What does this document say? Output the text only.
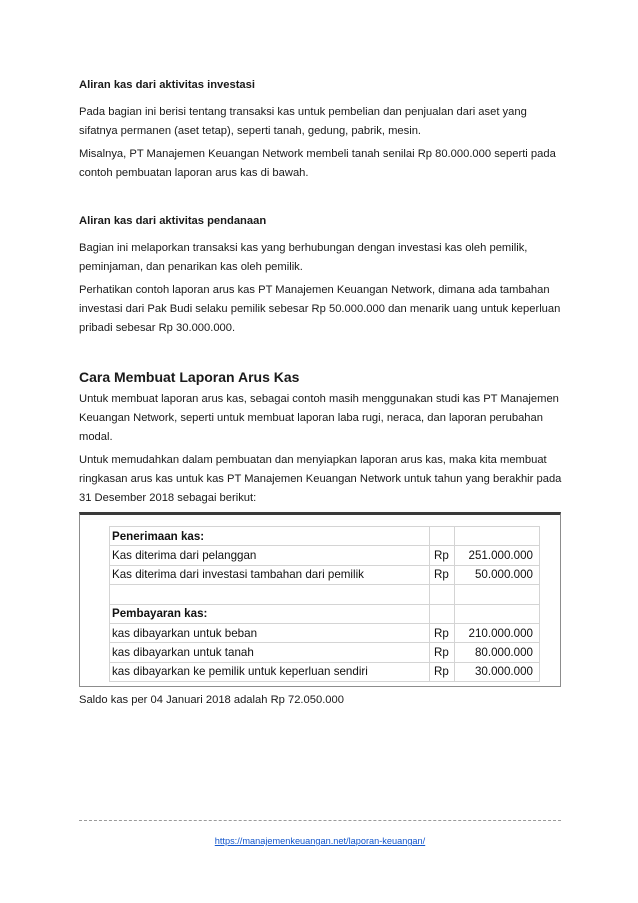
Aliran kas dari aktivitas investasi
Pada bagian ini berisi tentang transaksi kas untuk pembelian dan penjualan dari aset yang sifatnya permanen (aset tetap), seperti tanah, gedung, pabrik, mesin.
Misalnya, PT Manajemen Keuangan Network membeli tanah senilai Rp 80.000.000 seperti pada contoh pembuatan laporan arus kas di bawah.
Aliran kas dari aktivitas pendanaan
Bagian ini melaporkan transaksi kas yang berhubungan dengan investasi kas oleh pemilik, peminjaman, dan penarikan kas oleh pemilik.
Perhatikan contoh laporan arus kas PT Manajemen Keuangan Network, dimana ada tambahan investasi dari Pak Budi selaku pemilik sebesar Rp 50.000.000 dan menarik uang untuk keperluan pribadi sebesar Rp 30.000.000.
Cara Membuat Laporan Arus Kas
Untuk membuat laporan arus kas, sebagai contoh masih menggunakan studi kas PT Manajemen Keuangan Network, seperti untuk membuat laporan laba rugi, neraca, dan laporan perubahan modal.
Untuk memudahkan dalam pembuatan dan menyiapkan laporan arus kas, maka kita membuat ringkasan arus kas untuk kas PT Manajemen Keuangan Network untuk tahun yang berakhir pada 31 Desember 2018 sebagai berikut:
Saldo kas per 04 Januari 2018 adalah Rp 72.050.000
Penerimaan kas:		
Kas diterima dari pelanggan	Rp	251.000.000
Kas diterima dari investasi tambahan dari pemilik	Rp	50.000.000

Pembayaran kas:		
kas dibayarkan untuk beban	Rp	210.000.000
kas dibayarkan untuk tanah	Rp	80.000.000
kas dibayarkan ke pemilik untuk keperluan sendiri	Rp	30.000.000
https://manajemenkeuangan.net/laporan-keuangan/
